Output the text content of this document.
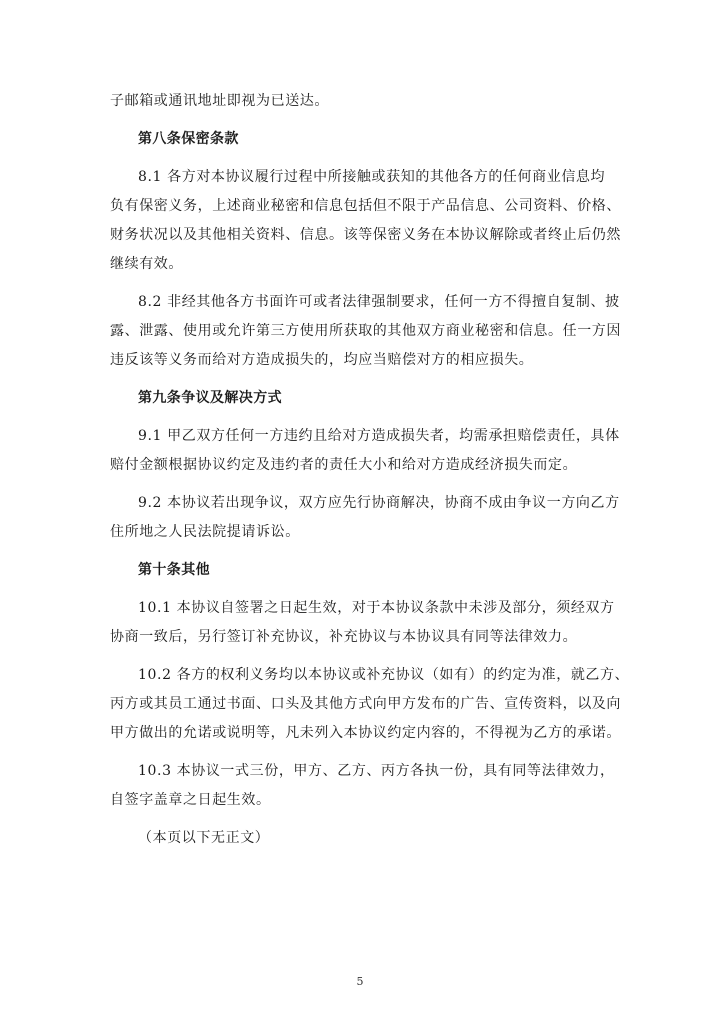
子邮箱或通讯地址即视为已送达。
第八条保密条款
8.1 各方对本协议履行过程中所接触或获知的其他各方的任何商业信息均
负有保密义务，上述商业秘密和信息包括但不限于产品信息、公司资料、价格、
财务状况以及其他相关资料、信息。该等保密义务在本协议解除或者终止后仍然
继续有效。
8.2 非经其他各方书面许可或者法律强制要求，任何一方不得擅自复制、披
露、泄露、使用或允许第三方使用所获取的其他双方商业秘密和信息。任一方因
违反该等义务而给对方造成损失的，均应当赔偿对方的相应损失。
第九条争议及解决方式
9.1 甲乙双方任何一方违约且给对方造成损失者，均需承担赔偿责任，具体
赔付金额根据协议约定及违约者的责任大小和给对方造成经济损失而定。
9.2 本协议若出现争议，双方应先行协商解决，协商不成由争议一方向乙方
住所地之人民法院提请诉讼。
第十条其他
10.1 本协议自签署之日起生效，对于本协议条款中未涉及部分，须经双方
协商一致后，另行签订补充协议，补充协议与本协议具有同等法律效力。
10.2 各方的权利义务均以本协议或补充协议（如有）的约定为准，就乙方、
丙方或其员工通过书面、口头及其他方式向甲方发布的广告、宣传资料，以及向
甲方做出的允诺或说明等，凡未列入本协议约定内容的，不得视为乙方的承诺。
10.3 本协议一式三份，甲方、乙方、丙方各执一份，具有同等法律效力，
自签字盖章之日起生效。
（本页以下无正文）
5
